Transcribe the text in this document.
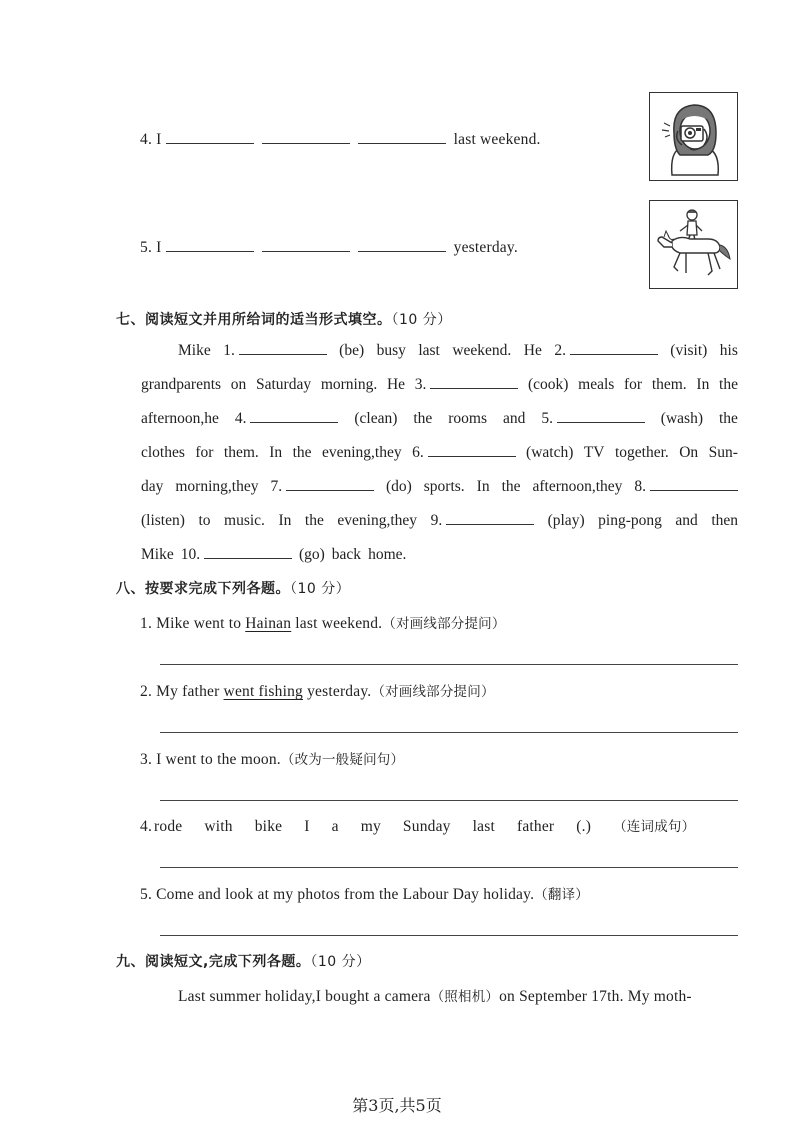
4. I	last weekend.
5. I	yesterday.
七、阅读短文并用所给词的适当形式填空。（10 分）
Mike 1.	(be) busy last weekend. He 2.	(visit) his
grandparents on Saturday morning. He 3.	(cook) meals for them. In the
afternoon,he 4.	(clean) the rooms and 5.	(wash) the
clothes for them. In the evening,they 6.	(watch) TV together. On Sun-
day morning,they 7.	(do) sports. In the afternoon,they 8.
(listen) to music. In the evening,they 9.	(play) ping-pong and then
Mike 10.	(go) back home.
八、按要求完成下列各题。（10 分）
1. Mike went to Hainan last weekend.（对画线部分提问）
2. My father went fishing yesterday.（对画线部分提问）
3. I went to the moon.（改为一般疑问句）
4. rode with bike I a my Sunday last father (.) （连词成句）
5. Come and look at my photos from the Labour Day holiday.（翻译）
九、阅读短文,完成下列各题。（10 分）
Last summer holiday,I bought a camera（照相机）on September 17th. My moth-
第3页,共5页
